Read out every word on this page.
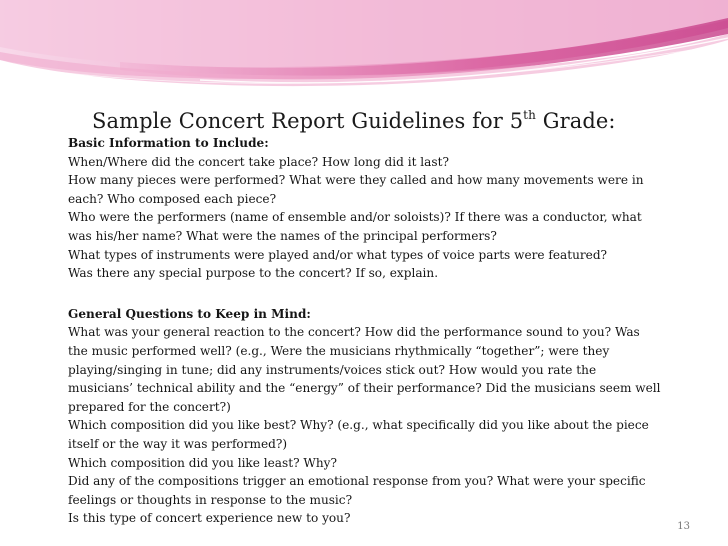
Sample Concert Report Guidelines for 5th Grade:

Basic Information to Include:

When/Where did the concert take place? How long did it last?

How many pieces were performed? What were they called and how many movements were in

each? Who composed each piece?

Who were the performers (name of ensemble and/or soloists)? If there was a conductor, what

was his/her name? What were the names of the principal performers?

What types of instruments were played and/or what types of voice parts were featured?

Was there any special purpose to the concert? If so, explain.

General Questions to Keep in Mind:

What was your general reaction to the concert? How did the performance sound to you? Was

the music performed well? (e.g., Were the musicians rhythmically “together”; were they

playing/singing in tune; did any instruments/voices stick out? How would you rate the

musicians’ technical ability and the “energy” of their performance? Did the musicians seem well

prepared for the concert?)

Which composition did you like best? Why? (e.g., what specifically did you like about the piece

itself or the way it was performed?)

Which composition did you like least? Why?

Did any of the compositions trigger an emotional response from you? What were your specific

feelings or thoughts in response to the music?

Is this type of concert experience new to you?

13
